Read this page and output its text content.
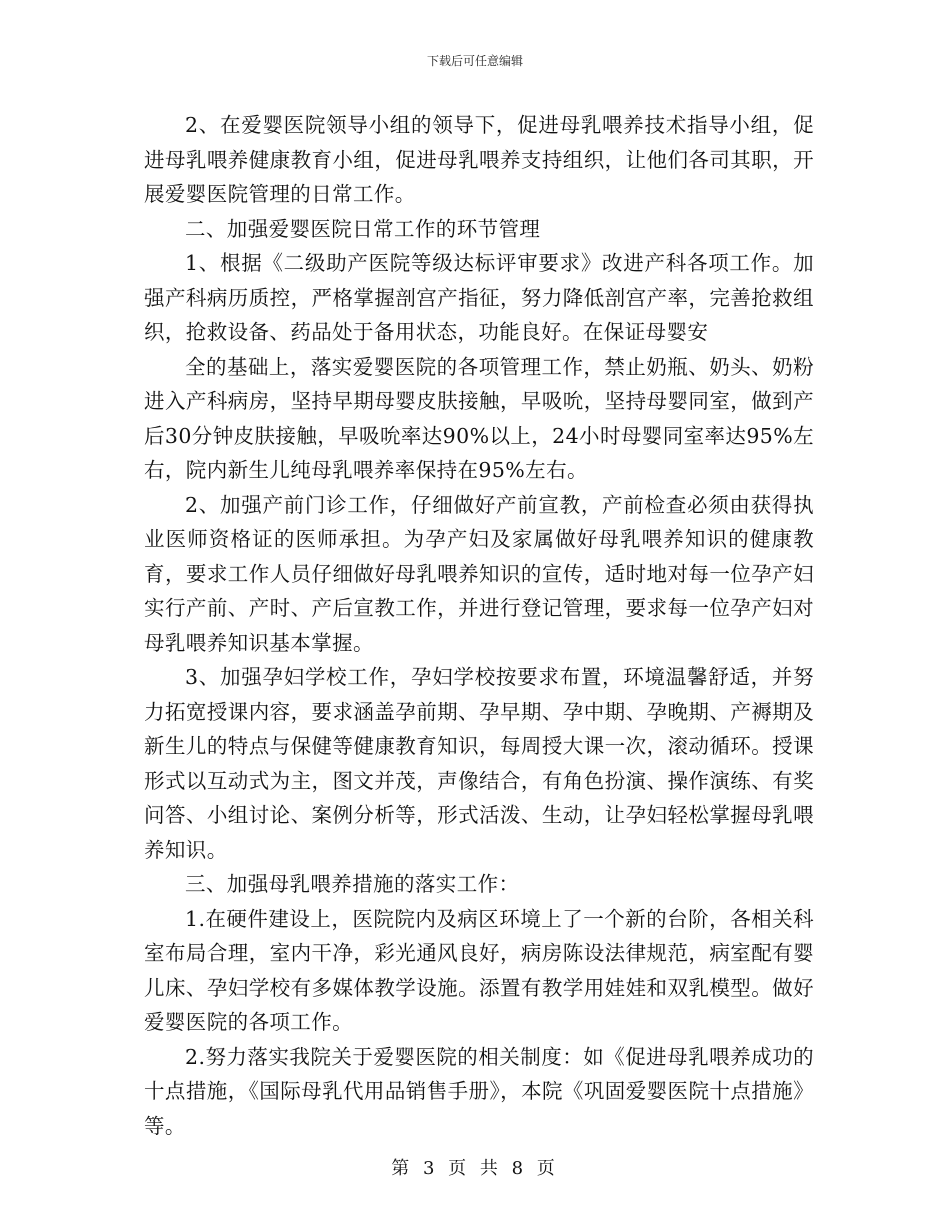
下载后可任意编辑

2、在爱婴医院领导小组的领导下，促进母乳喂养技术指导小组，促进母乳喂养健康教育小组，促进母乳喂养支持组织，让他们各司其职，开展爱婴医院管理的日常工作。

二、加强爱婴医院日常工作的环节管理

1、根据《二级助产医院等级达标评审要求》改进产科各项工作。加强产科病历质控，严格掌握剖宫产指征，努力降低剖宫产率，完善抢救组织，抢救设备、药品处于备用状态，功能良好。在保证母婴安

全的基础上，落实爱婴医院的各项管理工作，禁止奶瓶、奶头、奶粉进入产科病房，坚持早期母婴皮肤接触，早吸吮，坚持母婴同室，做到产后30分钟皮肤接触，早吸吮率达90%以上，24小时母婴同室率达95%左右，院内新生儿纯母乳喂养率保持在95%左右。

2、加强产前门诊工作，仔细做好产前宣教，产前检查必须由获得执业医师资格证的医师承担。为孕产妇及家属做好母乳喂养知识的健康教育，要求工作人员仔细做好母乳喂养知识的宣传，适时地对每一位孕产妇实行产前、产时、产后宣教工作，并进行登记管理，要求每一位孕产妇对母乳喂养知识基本掌握。

3、加强孕妇学校工作，孕妇学校按要求布置，环境温馨舒适，并努力拓宽授课内容，要求涵盖孕前期、孕早期、孕中期、孕晚期、产褥期及新生儿的特点与保健等健康教育知识，每周授大课一次，滚动循环。授课形式以互动式为主，图文并茂，声像结合，有角色扮演、操作演练、有奖问答、小组讨论、案例分析等，形式活泼、生动，让孕妇轻松掌握母乳喂养知识。

三、加强母乳喂养措施的落实工作：

1.在硬件建设上，医院院内及病区环境上了一个新的台阶，各相关科室布局合理，室内干净，彩光通风良好，病房陈设法律规范，病室配有婴儿床、孕妇学校有多媒体教学设施。添置有教学用娃娃和双乳模型。做好爱婴医院的各项工作。

2.努力落实我院关于爱婴医院的相关制度：如《促进母乳喂养成功的十点措施，《国际母乳代用品销售手册》，本院《巩固爱婴医院十点措施》等。

第 3 页 共 8 页
